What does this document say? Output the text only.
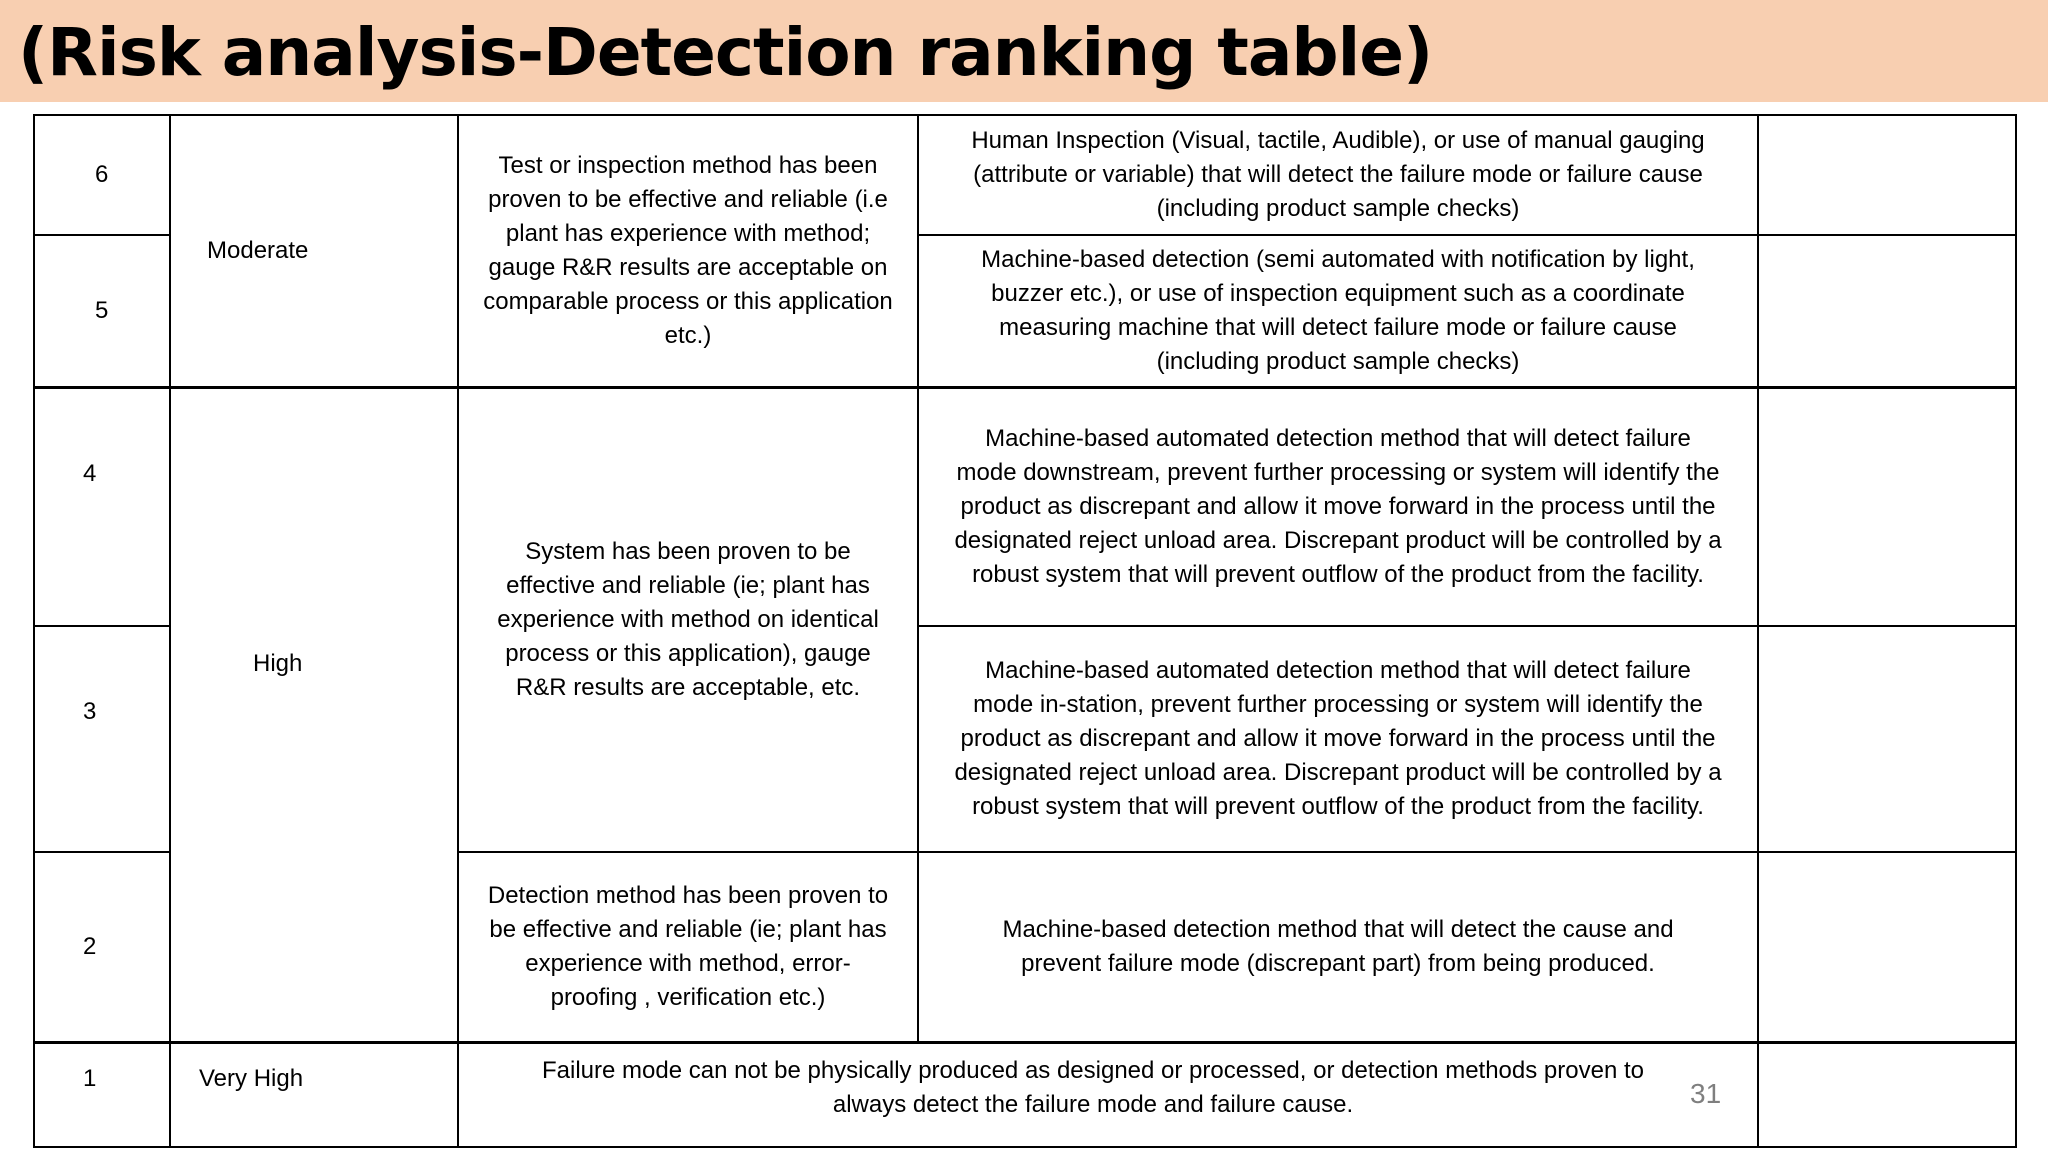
(Risk analysis-Detection ranking table)
6	Moderate	Test or inspection method has been proven to be effective and reliable (i.e plant has experience with method; gauge R&R results are acceptable on comparable process or this application etc.)	Human Inspection (Visual, tactile, Audible), or use of manual gauging (attribute or variable) that will detect the failure mode or failure cause (including product sample checks)	
5			Machine-based detection (semi automated with notification by light, buzzer etc.), or use of inspection equipment such as a coordinate measuring machine that will detect failure mode or failure cause (including product sample checks)	
4	High	System has been proven to be effective and reliable (ie; plant has experience with method on identical process or this application), gauge R&R results are acceptable, etc.	Machine-based automated detection method that will detect failure mode downstream, prevent further processing or system will identify the product as discrepant and allow it move forward in the process until the designated reject unload area. Discrepant product will be controlled by a robust system that will prevent outflow of the product from the facility.	
3			Machine-based automated detection method that will detect failure mode in-station, prevent further processing or system will identify the product as discrepant and allow it move forward in the process until the designated reject unload area. Discrepant product will be controlled by a robust system that will prevent outflow of the product from the facility.	
2		Detection method has been proven to be effective and reliable (ie; plant has experience with method, error- proofing , verification etc.)	Machine-based detection method that will detect the cause and prevent failure mode (discrepant part) from being produced.	
1	Very High	Failure mode can not be physically produced as designed or processed, or detection methods proven to always detect the failure mode and failure cause.			31
